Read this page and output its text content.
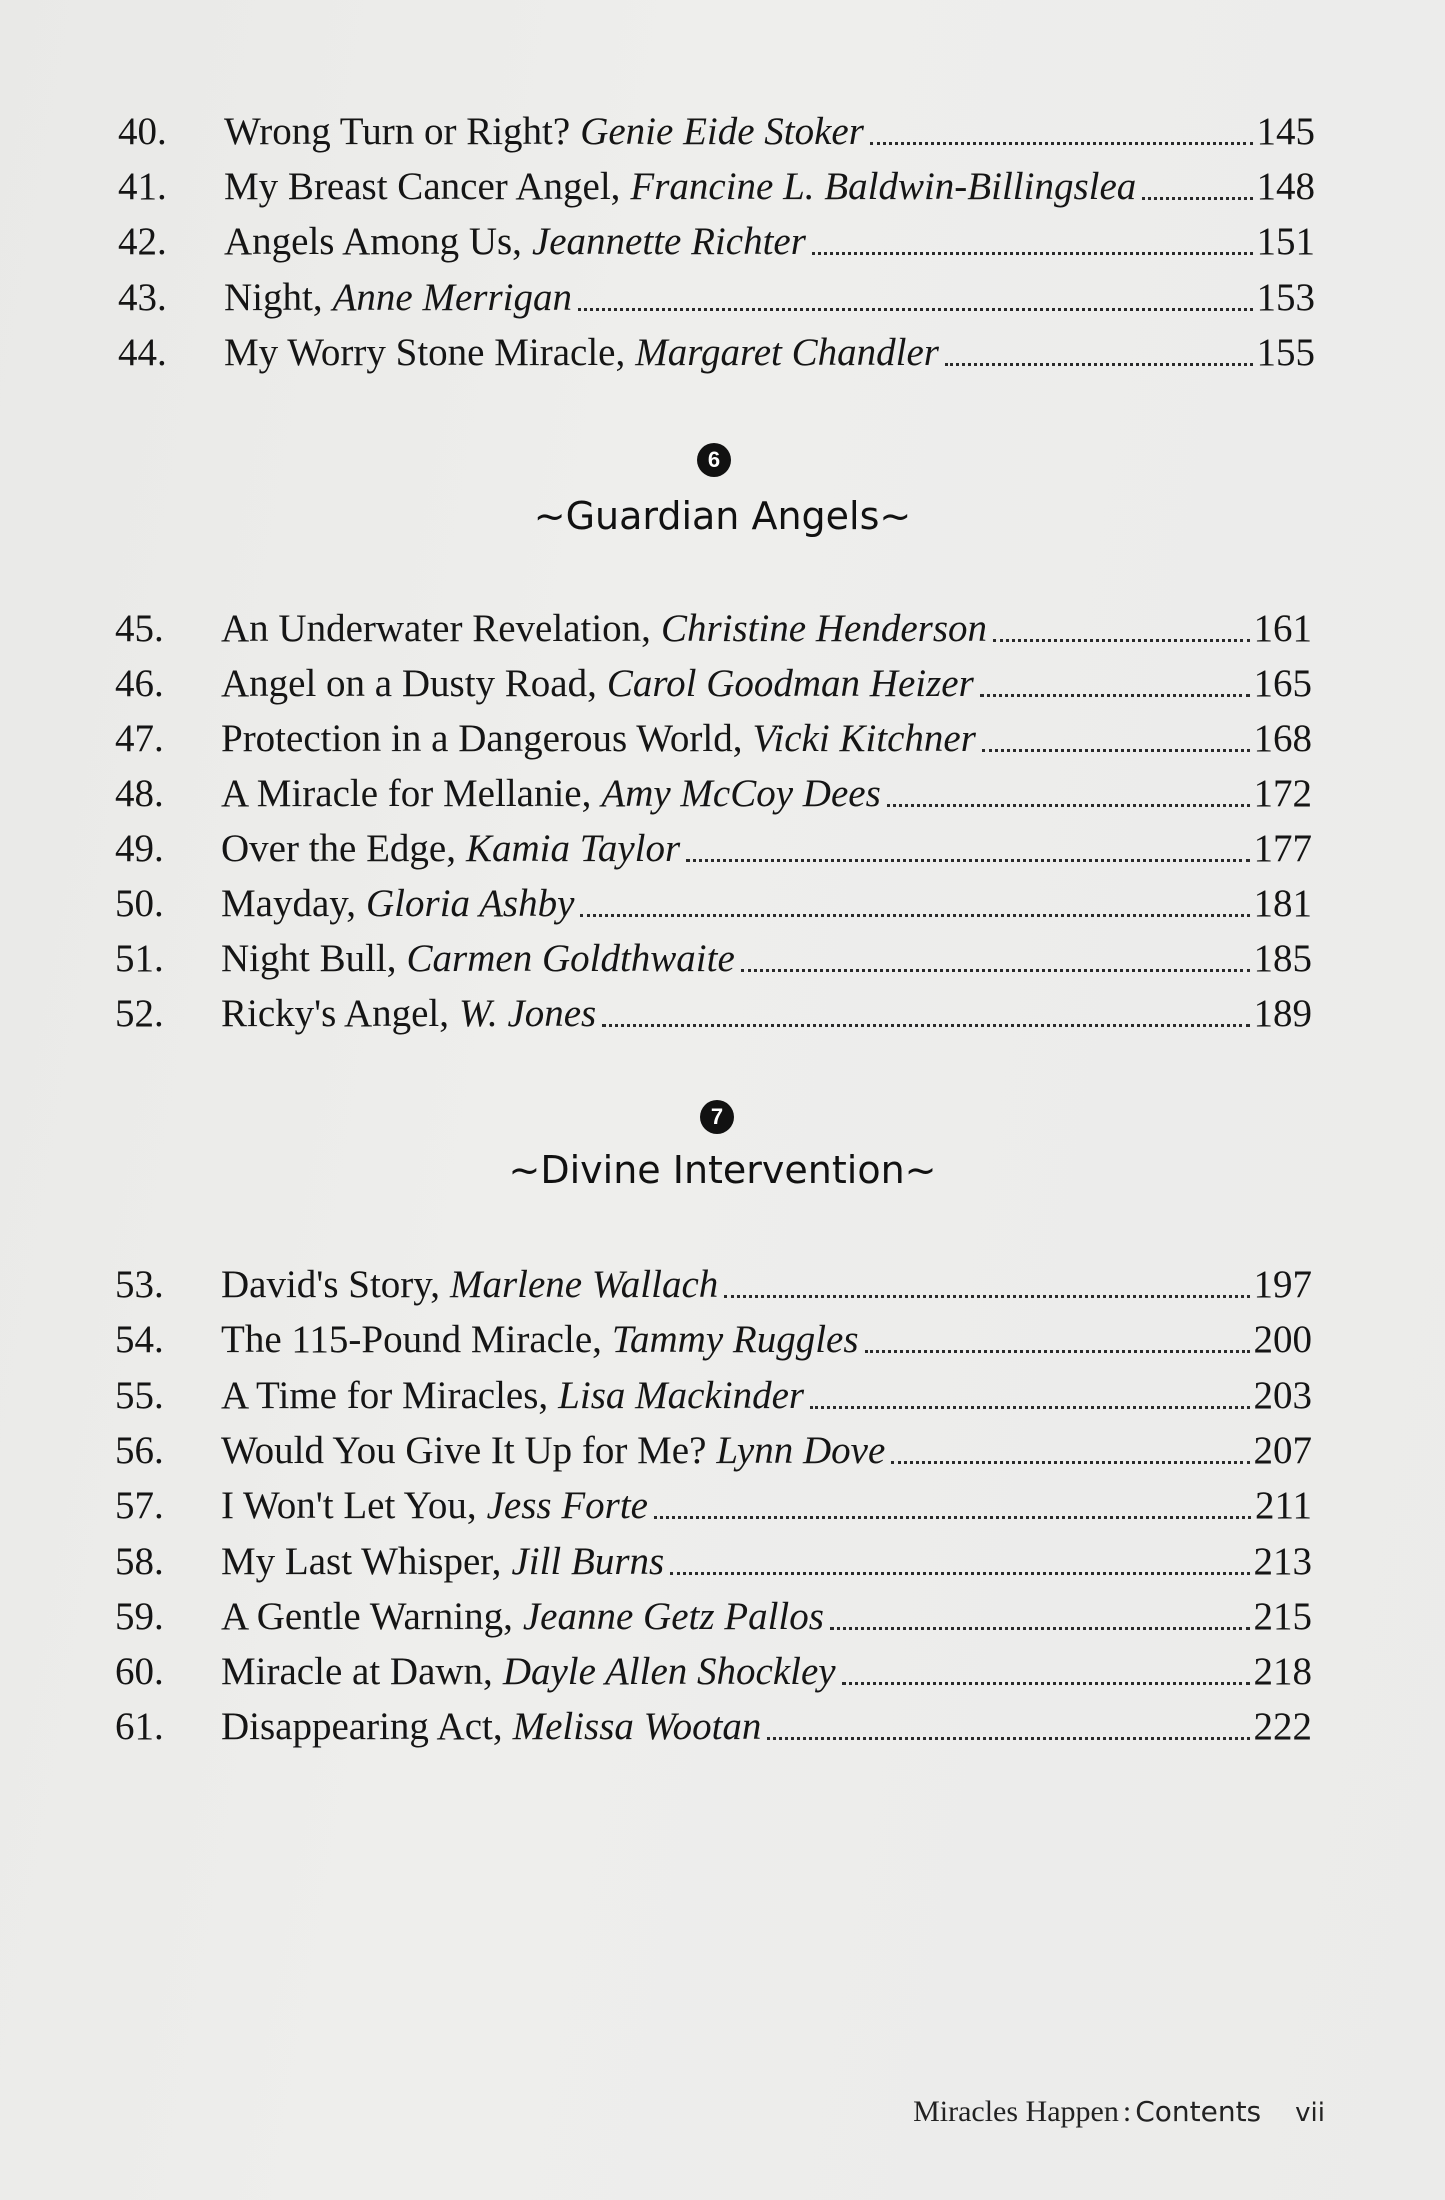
40.	Wrong Turn or Right? Genie Eide Stoker	145
41.	My Breast Cancer Angel, Francine L. Baldwin-Billingslea	148
42.	Angels Among Us, Jeannette Richter	151
43.	Night, Anne Merrigan	153
44.	My Worry Stone Miracle, Margaret Chandler	155
6
~Guardian Angels~
45.	An Underwater Revelation, Christine Henderson	161
46.	Angel on a Dusty Road, Carol Goodman Heizer	165
47.	Protection in a Dangerous World, Vicki Kitchner	168
48.	A Miracle for Mellanie, Amy McCoy Dees	172
49.	Over the Edge, Kamia Taylor	177
50.	Mayday, Gloria Ashby	181
51.	Night Bull, Carmen Goldthwaite	185
52.	Ricky's Angel, W. Jones	189
7
~Divine Intervention~
53.	David's Story, Marlene Wallach	197
54.	The 115-Pound Miracle, Tammy Ruggles	200
55.	A Time for Miracles, Lisa Mackinder	203
56.	Would You Give It Up for Me? Lynn Dove	207
57.	I Won't Let You, Jess Forte	211
58.	My Last Whisper, Jill Burns	213
59.	A Gentle Warning, Jeanne Getz Pallos	215
60.	Miracle at Dawn, Dayle Allen Shockley	218
61.	Disappearing Act, Melissa Wootan	222
Miracles Happen : Contents vii
